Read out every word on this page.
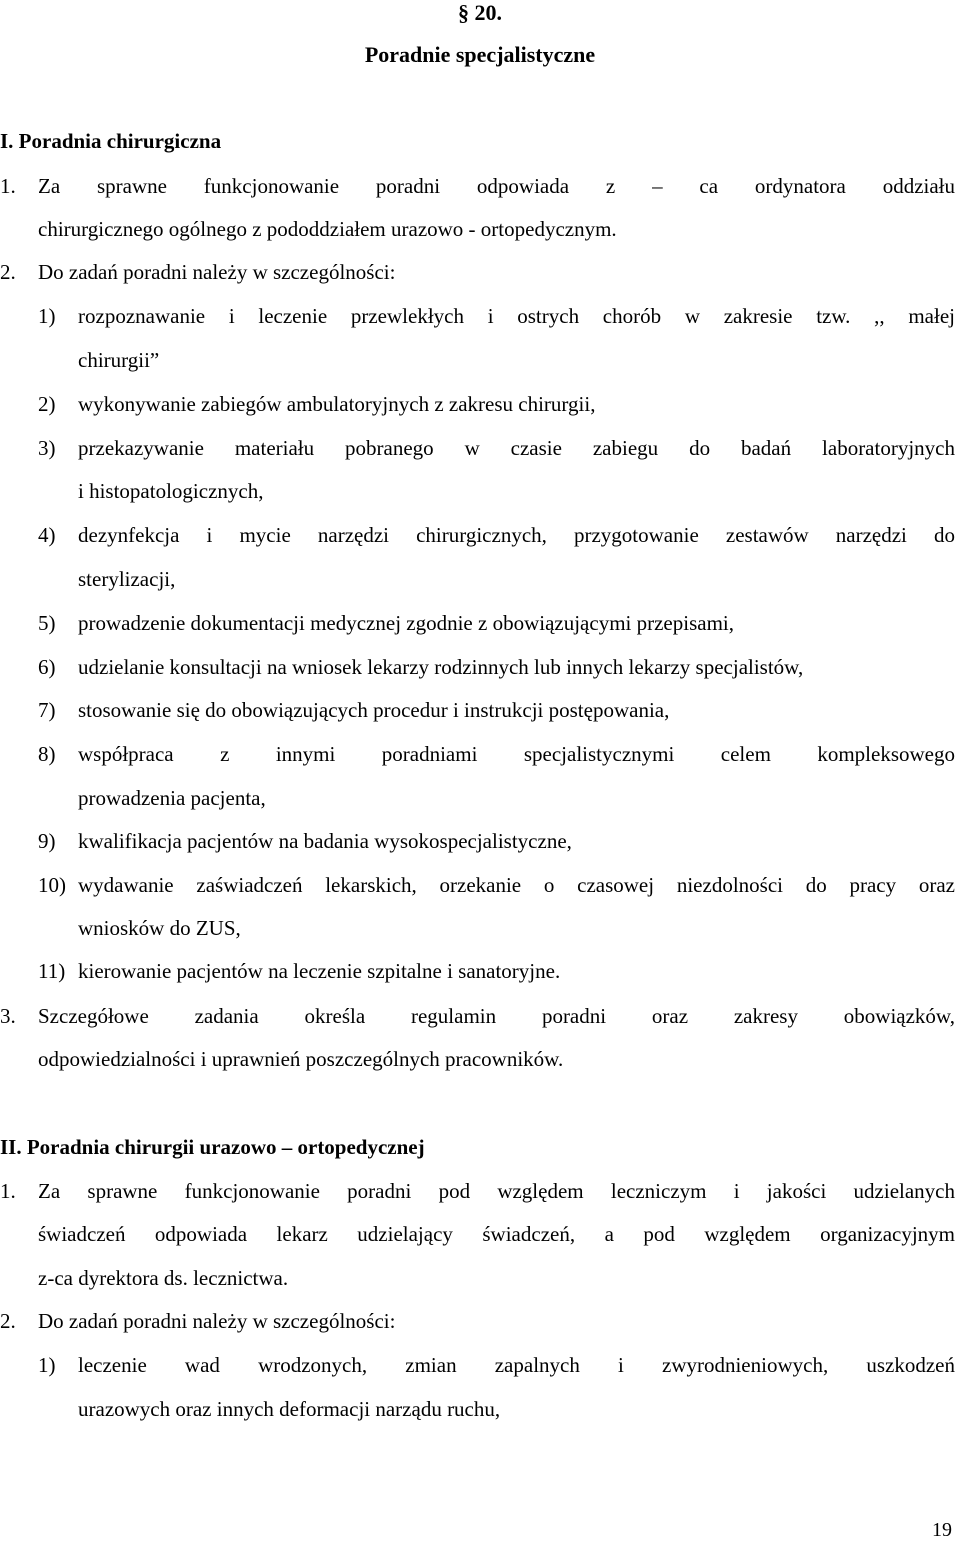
§ 20.
Poradnie specjalistyczne
I. Poradnia chirurgiczna
1. Za sprawne funkcjonowanie poradni odpowiada z – ca ordynatora oddziału
chirurgicznego ogólnego z pododdziałem urazowo - ortopedycznym.
2. Do zadań poradni należy w szczególności:
1) rozpoznawanie i leczenie przewlekłych i ostrych chorób w zakresie tzw. ,, małej
chirurgii”
2) wykonywanie zabiegów ambulatoryjnych z zakresu chirurgii,
3) przekazywanie materiału pobranego w czasie zabiegu do badań laboratoryjnych
i histopatologicznych,
4) dezynfekcja i mycie narzędzi chirurgicznych, przygotowanie zestawów narzędzi do
sterylizacji,
5) prowadzenie dokumentacji medycznej zgodnie z obowiązującymi przepisami,
6) udzielanie konsultacji na wniosek lekarzy rodzinnych lub innych lekarzy specjalistów,
7) stosowanie się do obowiązujących procedur i instrukcji postępowania,
8) współpraca z innymi poradniami specjalistycznymi celem kompleksowego
prowadzenia pacjenta,
9) kwalifikacja pacjentów na badania wysokospecjalistyczne,
10) wydawanie zaświadczeń lekarskich, orzekanie o czasowej niezdolności do pracy oraz
wniosków do ZUS,
11) kierowanie pacjentów na leczenie szpitalne i sanatoryjne.
3. Szczegółowe zadania określa regulamin poradni oraz zakresy obowiązków,
odpowiedzialności i uprawnień poszczególnych pracowników.
II. Poradnia chirurgii urazowo – ortopedycznej
1. Za sprawne funkcjonowanie poradni pod względem leczniczym i jakości udzielanych
świadczeń odpowiada lekarz udzielający świadczeń, a pod względem organizacyjnym
z-ca dyrektora ds. lecznictwa.
2. Do zadań poradni należy w szczególności:
1) leczenie wad wrodzonych, zmian zapalnych i zwyrodnieniowych, uszkodzeń
urazowych oraz innych deformacji narządu ruchu,
19
